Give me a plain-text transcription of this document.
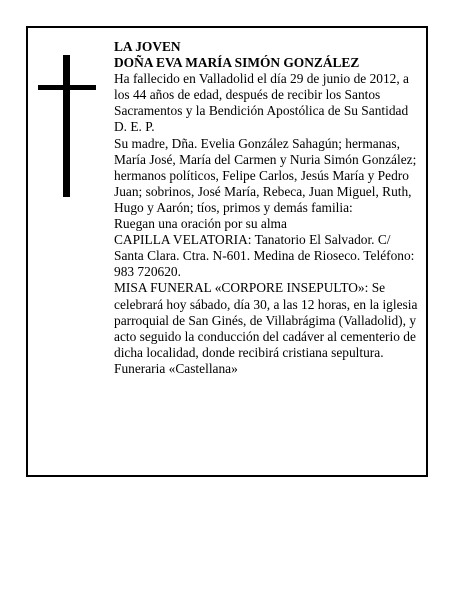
LA JOVEN

DOÑA EVA MARÍA SIMÓN GONZÁLEZ

Ha fallecido en Valladolid el día 29 de junio de 2012, a los 44 años de edad, después de recibir los Santos Sacramentos y la Bendición Apostólica de Su Santidad D. E. P.

Su madre, Dña. Evelia González Sahagún; hermanas, María José, María del Carmen y Nuria Simón González; hermanos políticos, Felipe Carlos, Jesús María y Pedro Juan; sobrinos, José María, Rebeca, Juan Miguel, Ruth, Hugo y Aarón; tíos, primos y demás familia:

Ruegan una oración por su alma

CAPILLA VELATORIA: Tanatorio El Salvador. C/ Santa Clara. Ctra. N-601. Medina de Rioseco. Teléfono: 983 720620.

MISA FUNERAL «CORPORE INSEPULTO»: Se celebrará hoy sábado, día 30, a las 12 horas, en la iglesia parroquial de San Ginés, de Villabrágima (Valladolid), y acto seguido la conducción del cadáver al cementerio de dicha localidad, donde recibirá cristiana sepultura.

Funeraria «Castellana»
